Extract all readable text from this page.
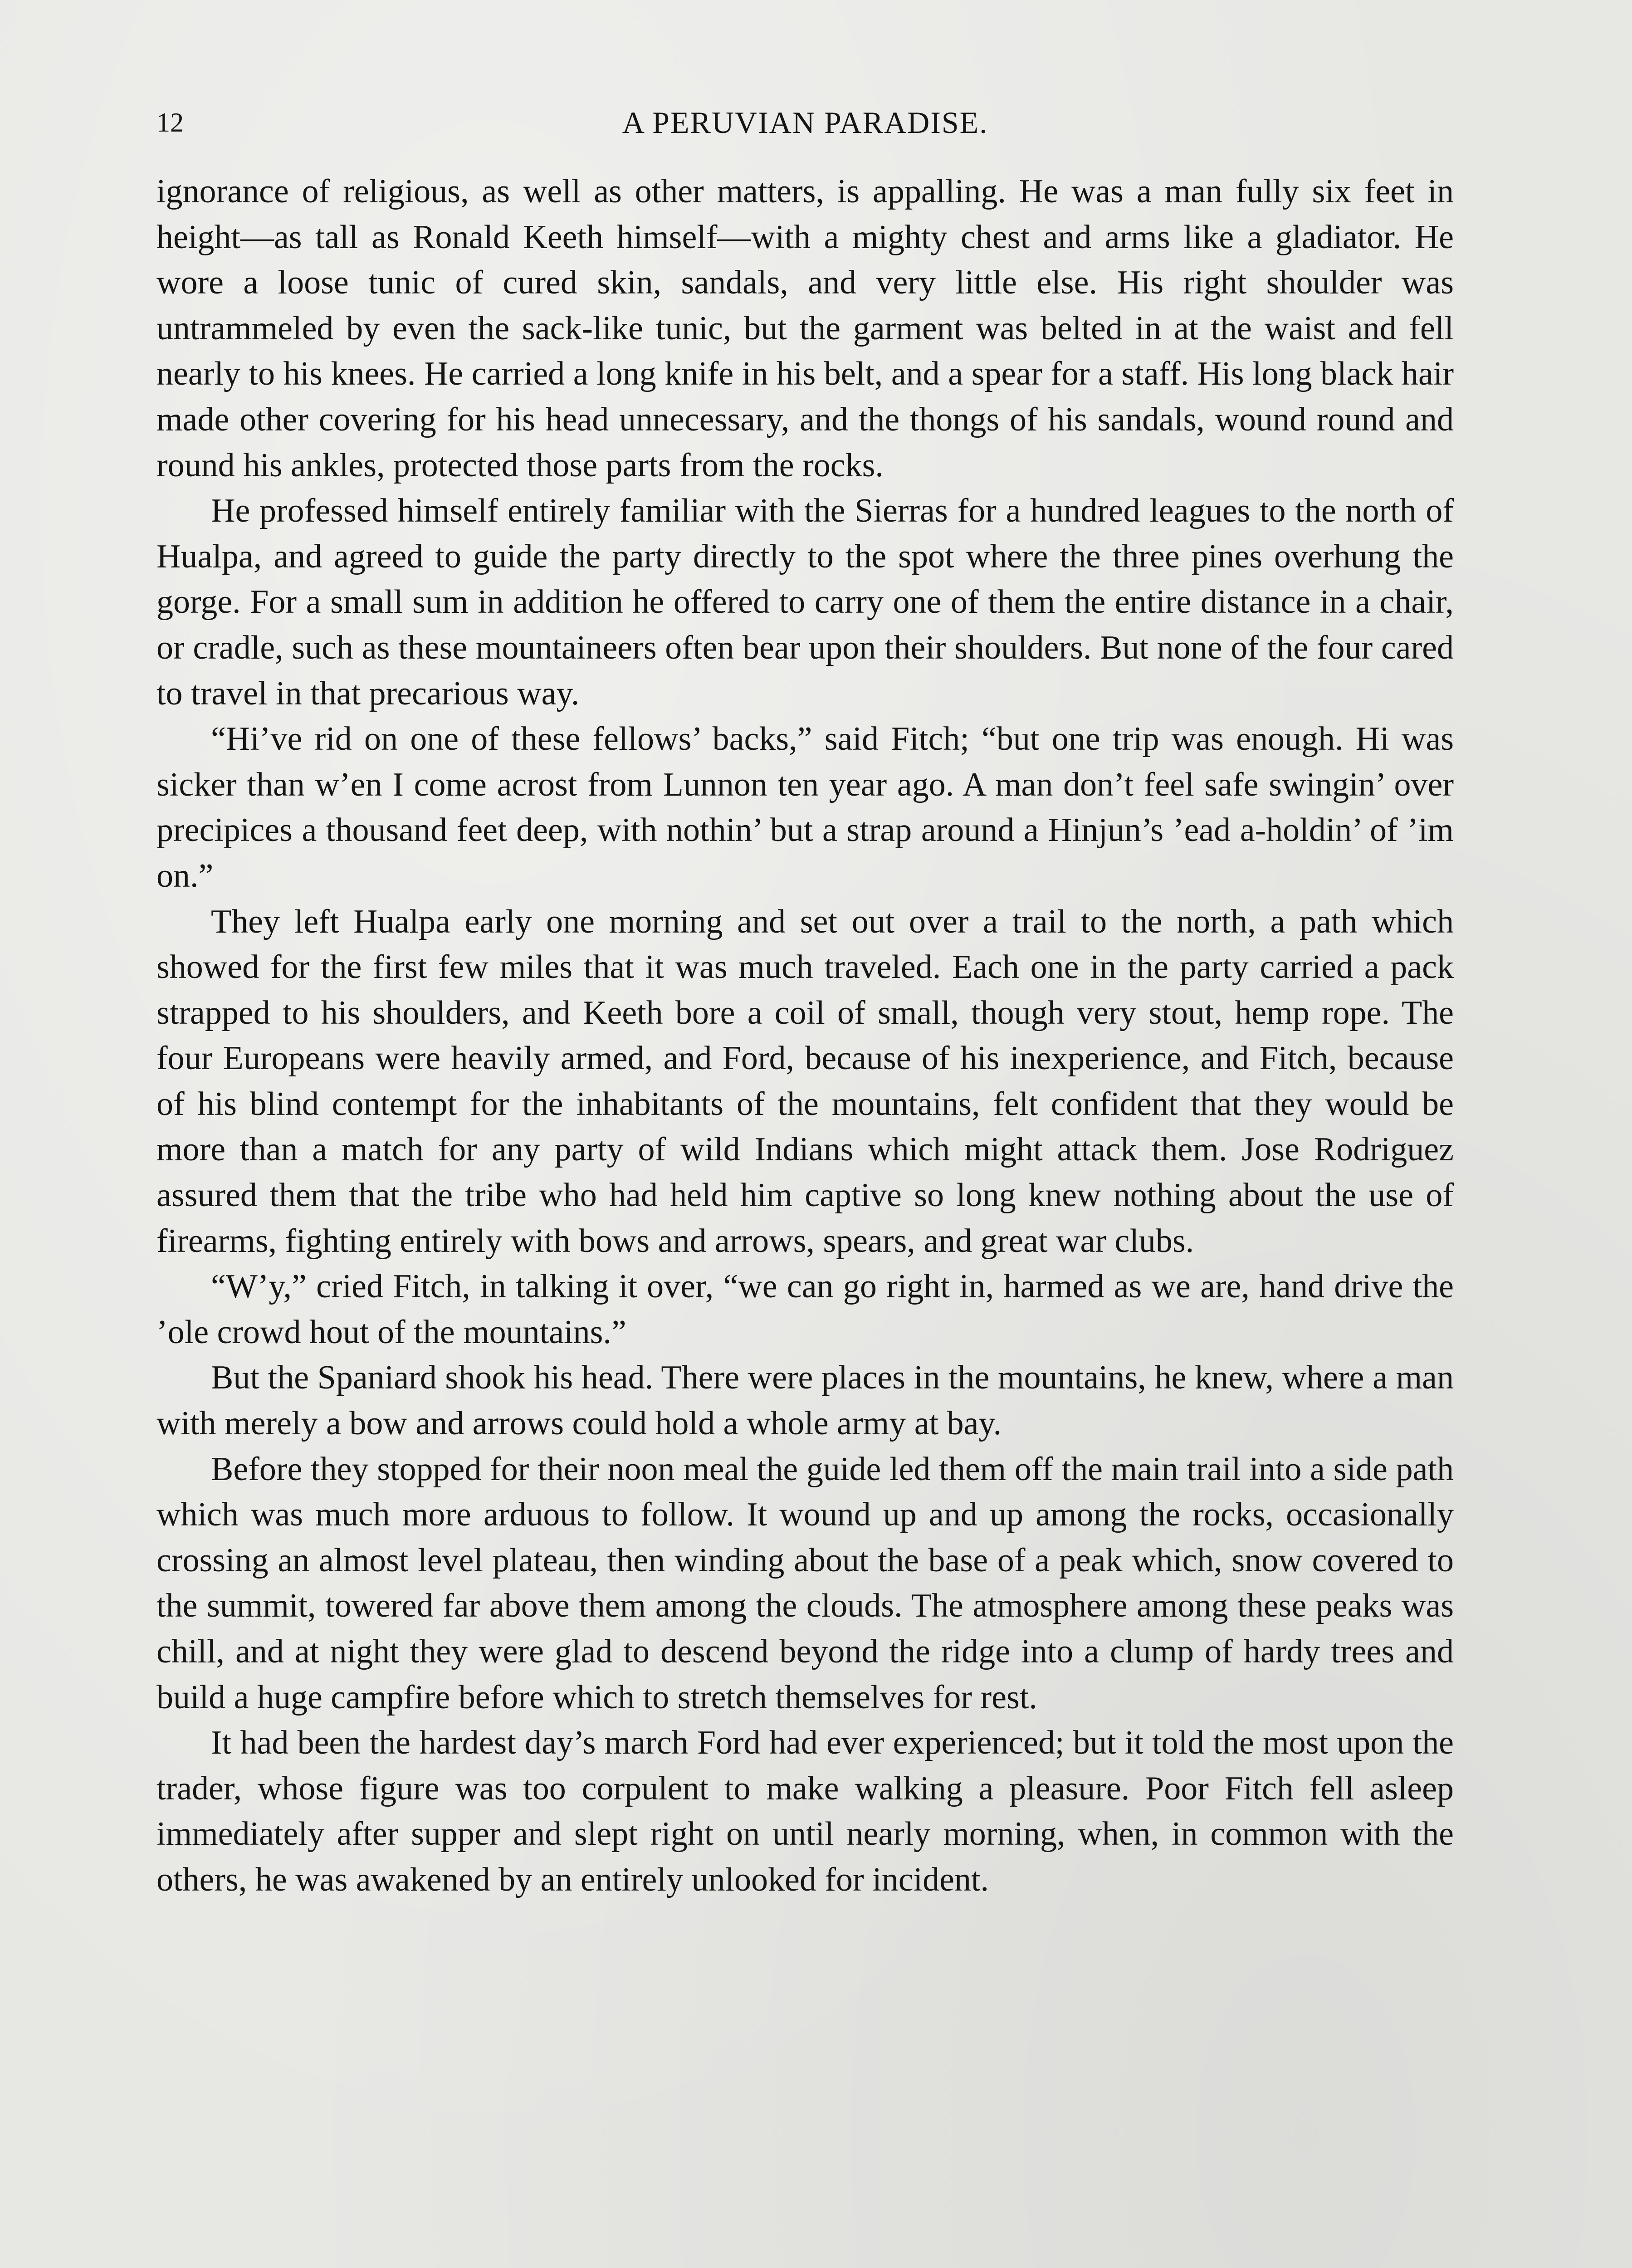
12	A PERUVIAN PARADISE.

ignorance of religious, as well as other matters, is appalling. He was a man fully six feet in height—as tall as Ronald Keeth himself—with a mighty chest and arms like a gladiator. He wore a loose tunic of cured skin, sandals, and very little else. His right shoulder was untrammeled by even the sack-like tunic, but the garment was belted in at the waist and fell nearly to his knees. He carried a long knife in his belt, and a spear for a staff. His long black hair made other covering for his head unnecessary, and the thongs of his sandals, wound round and round his ankles, protected those parts from the rocks.

He professed himself entirely familiar with the Sierras for a hundred leagues to the north of Hualpa, and agreed to guide the party directly to the spot where the three pines overhung the gorge. For a small sum in addition he offered to carry one of them the entire distance in a chair, or cradle, such as these mountaineers often bear upon their shoulders. But none of the four cared to travel in that precarious way.

“Hi’ve rid on one of these fellows’ backs,” said Fitch; “but one trip was enough. Hi was sicker than w’en I come acrost from Lunnon ten year ago. A man don’t feel safe swingin’ over precipices a thousand feet deep, with nothin’ but a strap around a Hinjun’s ’ead a-holdin’ of ’im on.”

They left Hualpa early one morning and set out over a trail to the north, a path which showed for the first few miles that it was much traveled. Each one in the party carried a pack strapped to his shoulders, and Keeth bore a coil of small, though very stout, hemp rope. The four Europeans were heavily armed, and Ford, because of his inexperience, and Fitch, because of his blind contempt for the inhabitants of the mountains, felt confident that they would be more than a match for any party of wild Indians which might attack them. Jose Rodriguez assured them that the tribe who had held him captive so long knew nothing about the use of firearms, fighting entirely with bows and arrows, spears, and great war clubs.

“W’y,” cried Fitch, in talking it over, “we can go right in, harmed as we are, hand drive the ’ole crowd hout of the mountains.”

But the Spaniard shook his head. There were places in the mountains, he knew, where a man with merely a bow and arrows could hold a whole army at bay.

Before they stopped for their noon meal the guide led them off the main trail into a side path which was much more arduous to follow. It wound up and up among the rocks, occasionally crossing an almost level plateau, then winding about the base of a peak which, snow covered to the summit, towered far above them among the clouds. The atmosphere among these peaks was chill, and at night they were glad to descend beyond the ridge into a clump of hardy trees and build a huge campfire before which to stretch themselves for rest.

It had been the hardest day’s march Ford had ever experienced; but it told the most upon the trader, whose figure was too corpulent to make walking a pleasure. Poor Fitch fell asleep immediately after supper and slept right on until nearly morning, when, in common with the others, he was awakened by an entirely unlooked for incident.
